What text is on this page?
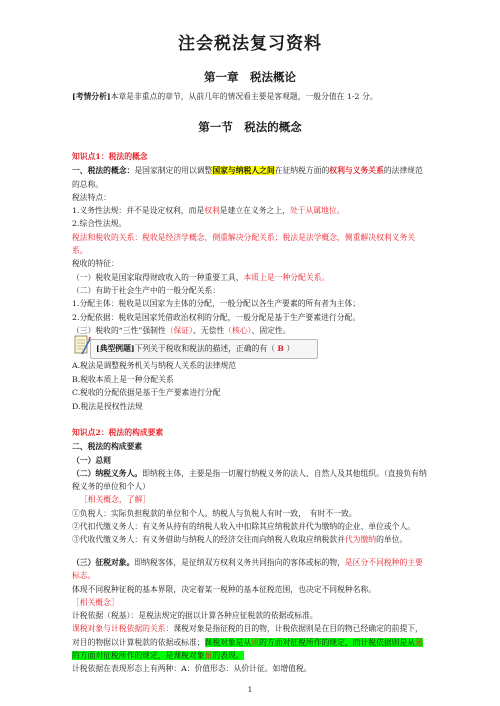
注会税法复习资料
第一章　税法概论
[考情分析]本章是非重点的章节，从前几年的情况看主要是客观题，一般分值在 1-2 分。
第一节　税法的概念
知识点1：税法的概念

一、税法的概念：是国家制定的用以调整国家与纳税人之间在征纳税方面的权利与义务关系的法律规范的总称。

税法特点：

1.义务性法规：并不是设定权利，而是权利是建立在义务之上，处于从属地位。

2.综合性法规。

税法和税收的关系：税收是经济学概念，侧重解决分配关系；税法是法学概念，侧重解决权利义务关系。

税收的特征：

（一）税收是国家取得财政收入的一种重要工具，本质上是一种分配关系。

（二）有助于社会生产中的一般分配关系：

1.分配主体：税收是以国家为主体的分配，一般分配以各生产要素的所有者为主体；

2.分配依据：税收是国家凭借政治权利的分配，一般分配是基于生产要素进行分配。

（三）税收的“三性”强制性（保证）、无偿性（核心）、固定性。

[典型例题]下列关于税收和税法的描述，正确的有（ B ）

A.税法是调整税务机关与纳税人关系的法律规范

B.税收本质上是一种分配关系

C.税收的分配依据是基于生产要素进行分配

D.税法是授权性法规

知识点2：税法的构成要素

二、税法的构成要素

（一）总则

（二）纳税义务人。即纳税主体，主要是指一切履行纳税义务的法人、自然人及其他组织。（直接负有纳税义务的单位和个人）

［相关概念，了解］

①负税人：实际负担税款的单位和个人。纳税人与负税人有时一致，　有时不一致。

②代扣代缴义务人：有义务从持有的纳税人收入中扣除其应纳税款并代为缴纳的企业、单位或个人。

③代收代缴义务人：有义务借助与纳税人的经济交往而向纳税人收取应纳税款并代为缴纳的单位。

（三）征税对象。即纳税客体，是征纳双方权利义务共同指向的客体或标的物，是区分不同税种的主要标志。

体现不同税种征税的基本界限，决定着某一税种的基本征税范围，也决定不同税种名称。

［相关概念］

计税依据（税基）：是税法规定的据以计算各种应征税款的依据或标准。

课税对象与计税依据的关系：课税对象是指征税的目的物，计税依据则是在目的物已经确定的前提下，对目的物据以计算税款的依据或标准；课税对象是从质的方面对征税所作的规定，而计税依据则是从量的方面对征税所作的规定，是课税对象量的表现。

计税依据在表现形态上有两种：A：价值形态：从价计征。如增值税。

1
